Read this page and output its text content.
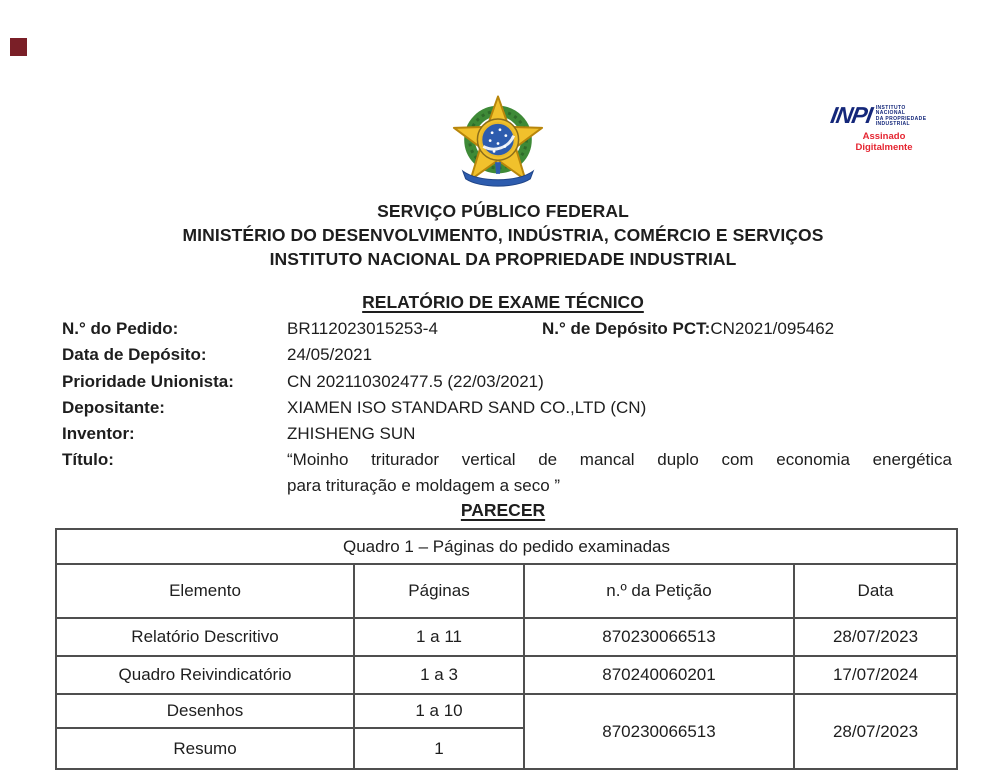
INPI INSTITUTO
NACIONAL
DA PROPRIEDADE
INDUSTRIAL
Assinado
Digitalmente
SERVIÇO PÚBLICO FEDERAL
MINISTÉRIO DO DESENVOLVIMENTO, INDÚSTRIA, COMÉRCIO E SERVIÇOS
INSTITUTO NACIONAL DA PROPRIEDADE INDUSTRIAL
RELATÓRIO DE EXAME TÉCNICO
N.° do Pedido:	BR112023015253-4	N.° de Depósito PCT: CN2021/095462
Data de Depósito:	24/05/2021
Prioridade Unionista:	CN 202110302477.5 (22/03/2021)
Depositante:	XIAMEN ISO STANDARD SAND CO.,LTD (CN)
Inventor:	ZHISHENG SUN
Título:	“Moinho triturador vertical de mancal duplo com economia energética
para trituração e moldagem a seco ”
PARECER
Quadro 1 – Páginas do pedido examinadas			
Elemento	Páginas	n.º da Petição	Data
Relatório Descritivo	1 a 11	870230066513	28/07/2023
Quadro Reivindicatório	1 a 3	870240060201	17/07/2024
Desenhos	1 a 10	870230066513	28/07/2023
Resumo	1		
